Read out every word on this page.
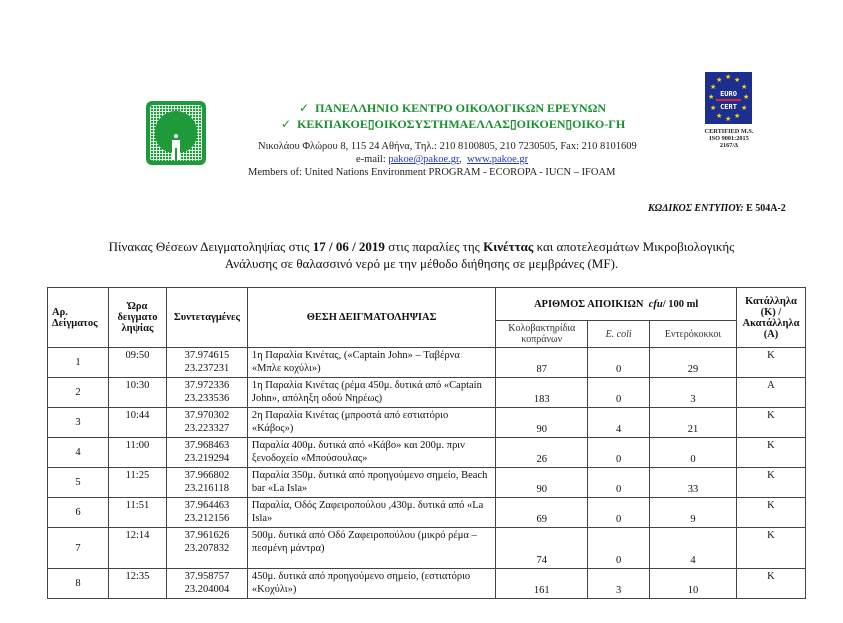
✓ ΠΑΝΕΛΛΗΝΙΟ ΚΕΝΤΡΟ ΟΙΚΟΛΟΓΙΚΩΝ ΕΡΕΥΝΩΝ
✓ ΚΕΚΠΑΚΟΕ▯ΟΙΚΟΣΥΣΤΗΜΑΕΛΛΑΣ▯ΟΙΚΟΕΝ▯ΟΙΚΟ-ΓΗ
Νικολάου Φλώρου 8, 115 24 Αθήνα, Τηλ.: 210 8100805, 210 7230505, Fax: 210 8101609
e-mail: pakoe@pakoe.gr, www.pakoe.gr
Members of: United Nations Environment PROGRAM - ECOROPA - IUCN – IFOAM
★
★ ★
★	★
★	★
★	★
★ ★
★
EURO
CERT
CERTIFIED M.S.
ISO 9001:2015
2167/Δ
ΚΩΔΙΚΟΣ ΕΝΤΥΠΟΥ: Ε 504Α-2
Πίνακας Θέσεων Δειγματοληψίας στις 17 / 06 / 2019 στις παραλίες της Κινέττας και αποτελεσμάτων Μικροβιολογικής
Ανάλυσης σε θαλασσινό νερό με την μέθοδο διήθησης σε μεμβράνες (MF).
Αρ. Δείγματος	
Ώρα
δειγματο
ληψίας
	Συντεταγμένες	ΘΕΣΗ ΔΕΙΓΜΑΤΟΛΗΨΙΑΣ	ΑΡΙΘΜΟΣ ΑΠΟΙΚΙΩΝ cfu/ 100 ml	Κατάλληλα
(Κ) /
Ακατάλληλα
(Α)

				Κολοβακτηρίδια κοπράνων	E. coli	Εντερόκοκκοι	
1	09:50	37.974615
23.237231	1η Παραλία Κινέτας, («Captain John» – Ταβέρνα «Μπλε κοχύλι»)	87	0	29	Κ
2	10:30	37.972336
23.233536	1η Παραλία Κινέτας (ρέμα 450μ. δυτικά από «Captain John», απόληξη οδού Νηρέως)	183	0	3	Α
3	10:44	37.970302
23.223327	2η Παραλία Κινέτας (μπροστά από εστιατόριο «Κάβος»)	90	4	21	Κ
4	11:00	37.968463
23.219294	Παραλία 400μ. δυτικά από «Κάβο» και 200μ. πριν ξενοδοχείο «Μπούσουλας»	26	0	0	Κ
5	11:25	37.966802
23.216118	Παραλία 350μ. δυτικά από προηγούμενο σημείο, Beach bar «La Isla»	90	0	33	Κ
6	11:51	37.964463
23.212156	Παραλία, Οδός Ζαφειροπούλου ,430μ. δυτικά από «La Isla»	69	0	9	Κ
7	12:14	37.961626
23.207832	500μ. δυτικά από Οδό Ζαφειροπούλου (μικρό ρέμα – πεσμένη μάντρα)	74	0	4	Κ
8	12:35	37.958757
23.204004	450μ. δυτικά από προηγούμενο σημείο, (εστιατόριο «Κοχύλι»)	161	3	10	Κ
